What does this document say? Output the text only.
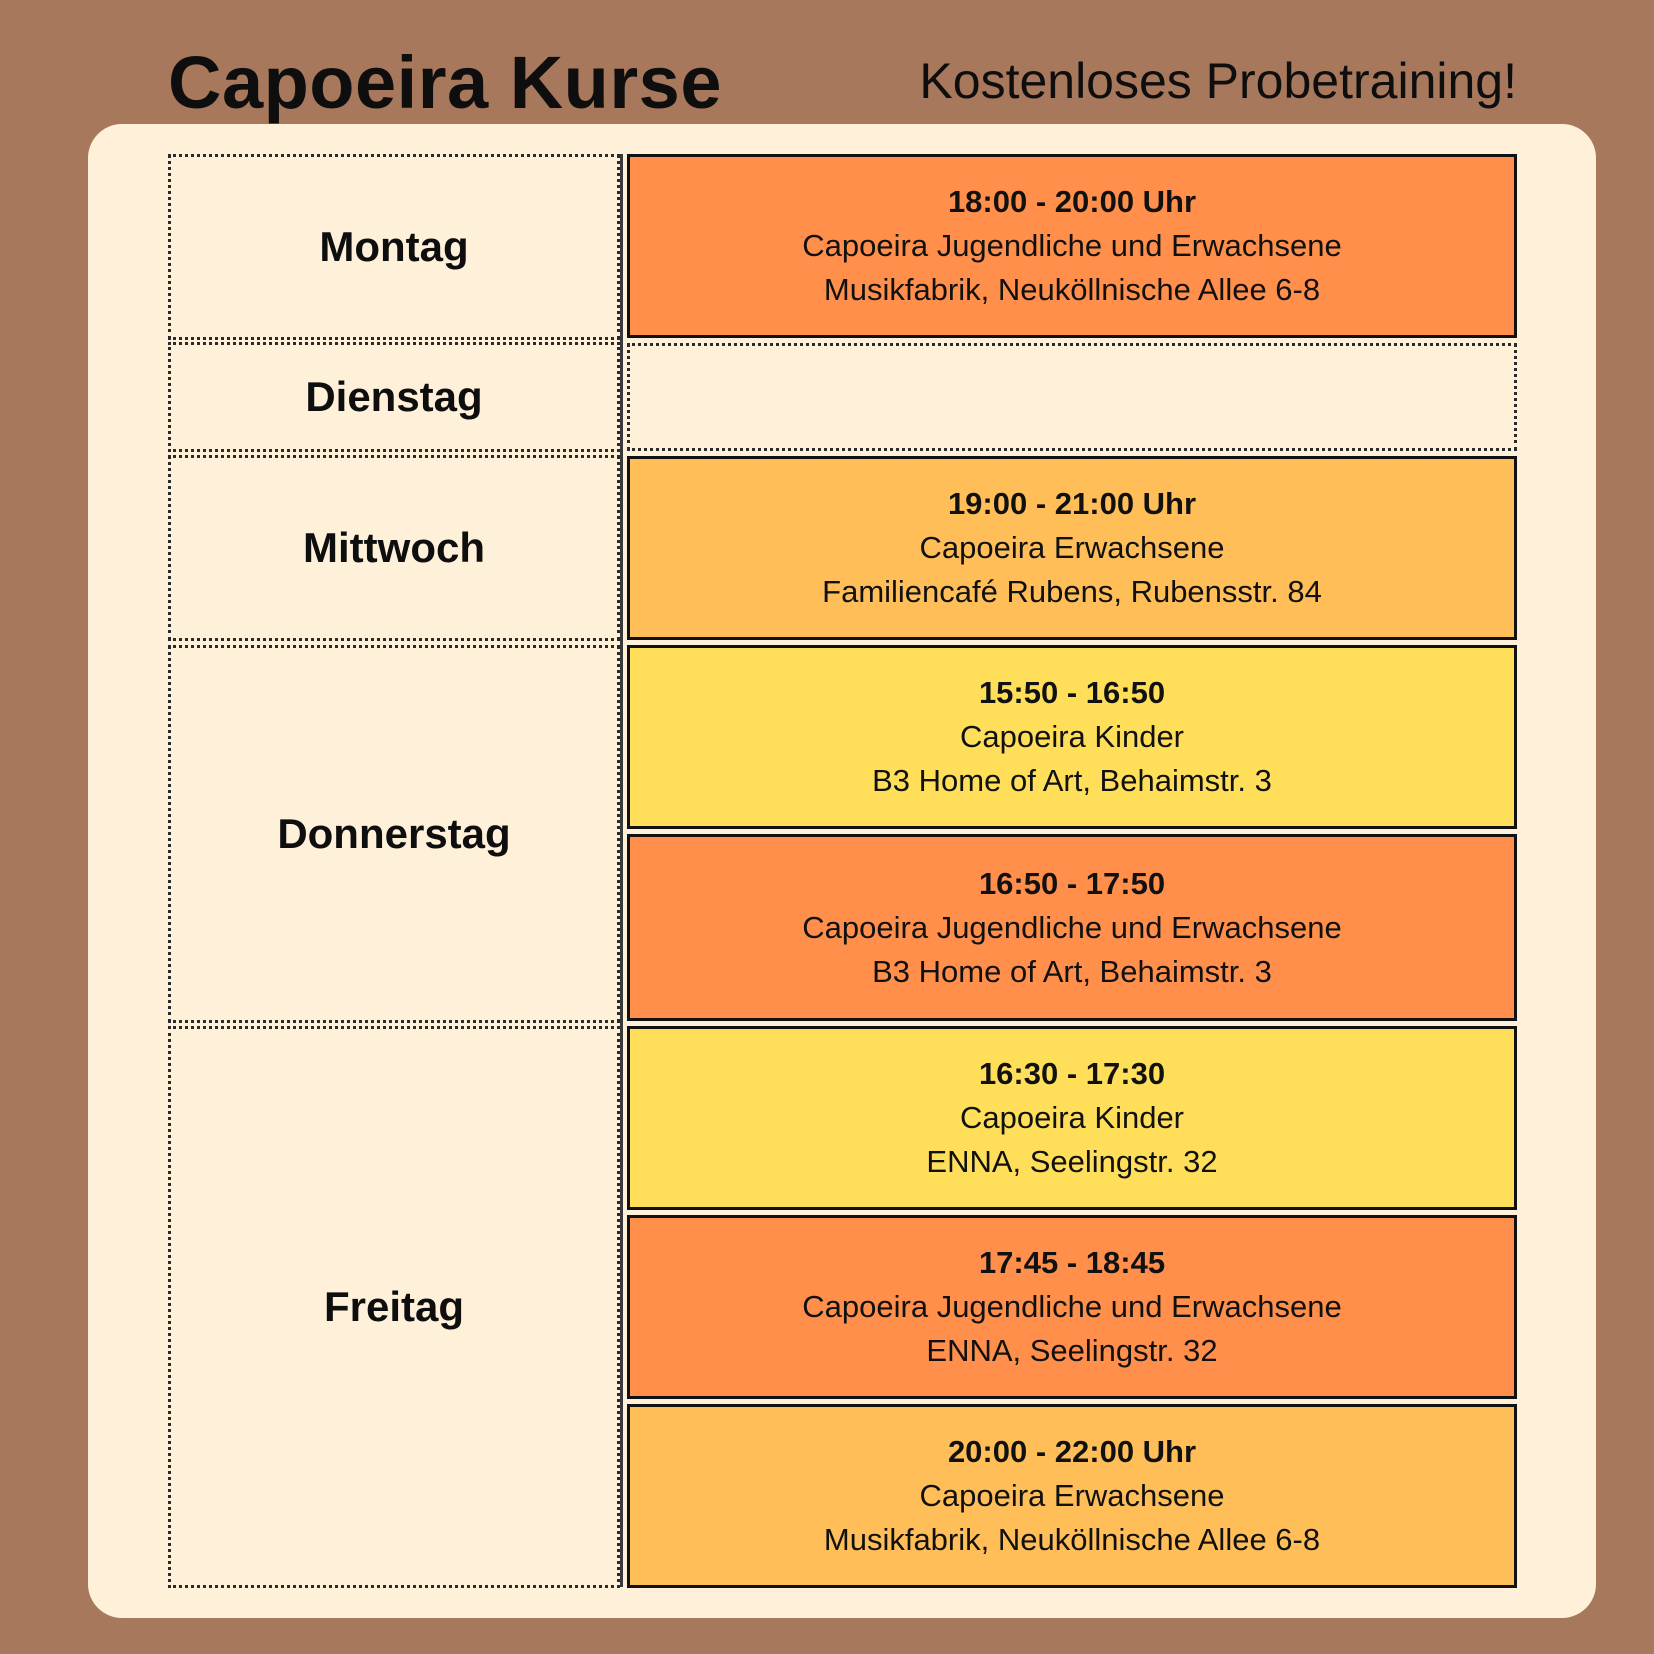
Capoeira Kurse	Kostenloses Probetraining!
Montag
Dienstag
Mittwoch
Donnerstag
Freitag
18:00 - 20:00 Uhr
Capoeira Jugendliche und Erwachsene
Musikfabrik, Neuköllnische Allee 6-8
19:00 - 21:00 Uhr
Capoeira Erwachsene
Familiencafé Rubens, Rubensstr. 84
15:50 - 16:50
Capoeira Kinder
B3 Home of Art, Behaimstr. 3
16:50 - 17:50
Capoeira Jugendliche und Erwachsene
B3 Home of Art, Behaimstr. 3
16:30 - 17:30
Capoeira Kinder
ENNA, Seelingstr. 32
17:45 - 18:45
Capoeira Jugendliche und Erwachsene
ENNA, Seelingstr. 32
20:00 - 22:00 Uhr
Capoeira Erwachsene
Musikfabrik, Neuköllnische Allee 6-8
